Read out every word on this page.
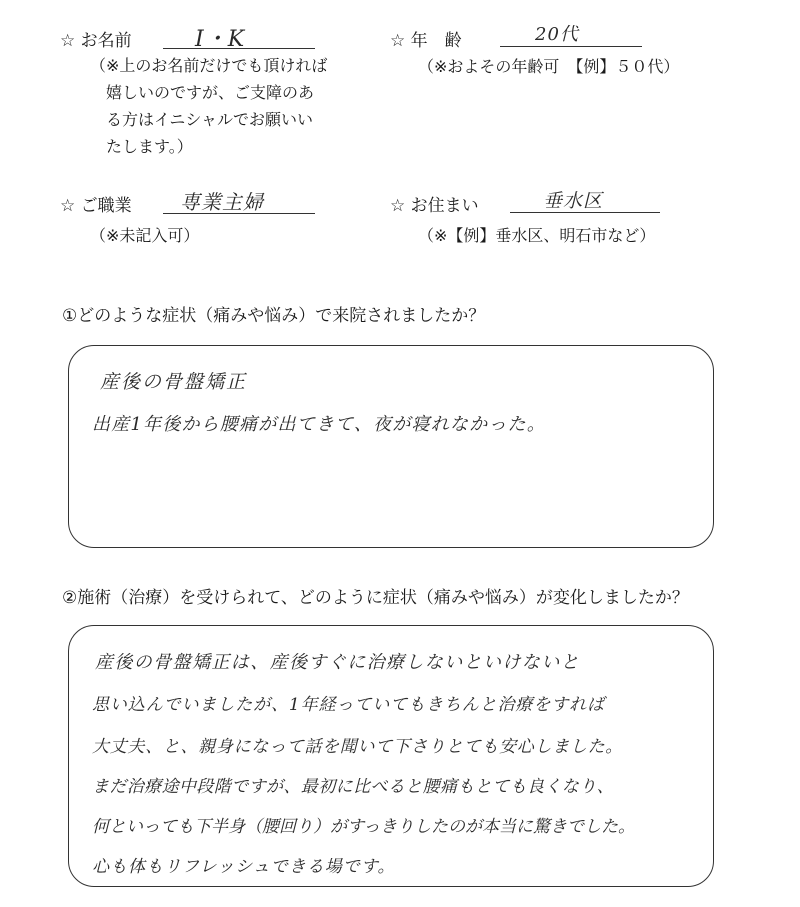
☆ お名前	I・K
（※上のお名前だけでも頂ければ
嬉しいのですが、ご支障のあ
る方はイニシャルでお願いい
たします。）
☆ 年　齢	20代
（※およその年齢可　【例】５０代）
☆ ご職業 専業主婦
（※未記入可）
☆ お住まい	垂水区
（※【例】垂水区、明石市など）
①どのような症状（痛みや悩み）で来院されましたか？
産後の骨盤矯正
出産1年後から腰痛が出てきて、夜が寝れなかった。
②施術（治療）を受けられて、どのように症状（痛みや悩み）が変化しましたか？
産後の骨盤矯正は、産後すぐに治療しないといけないと
思い込んでいましたが、1年経っていてもきちんと治療をすれば
大丈夫、と、親身になって話を聞いて下さりとても安心しました。
まだ治療途中段階ですが、最初に比べると腰痛もとても良くなり、
何といっても下半身（腰回り）がすっきりしたのが本当に驚きでした。
心も体もリフレッシュできる場です。
